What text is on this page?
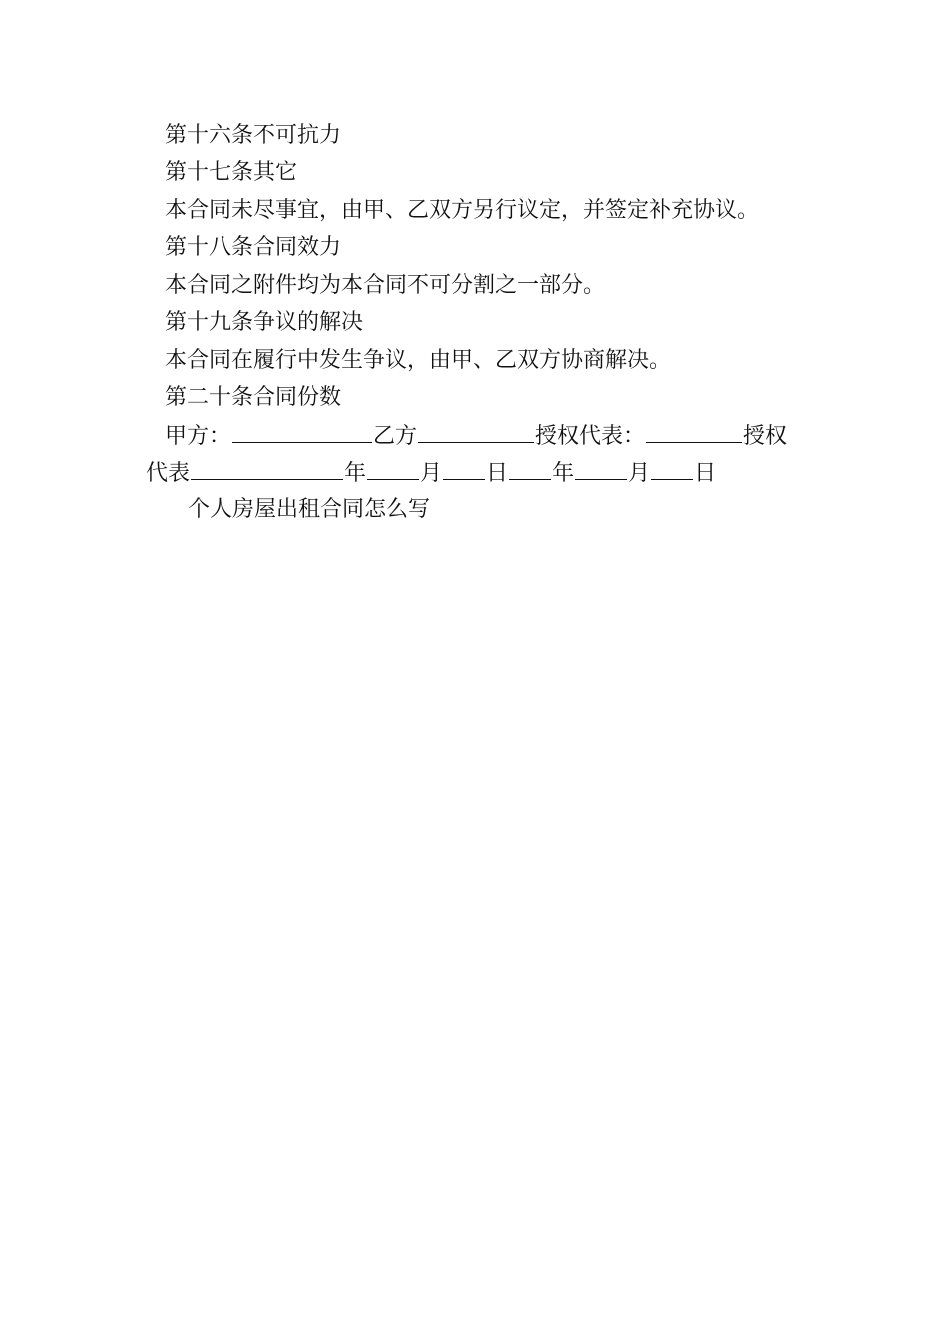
第十六条不可抗力
第十七条其它
本合同未尽事宜，由甲、乙双方另行议定，并签定补充协议。
第十八条合同效力
本合同之附件均为本合同不可分割之一部分。
第十九条争议的解决
本合同在履行中发生争议，由甲、乙双方协商解决。
第二十条合同份数
甲方：	乙方	授权代表：	授权
代表	年 月 日 年 月 日
个人房屋出租合同怎么写
